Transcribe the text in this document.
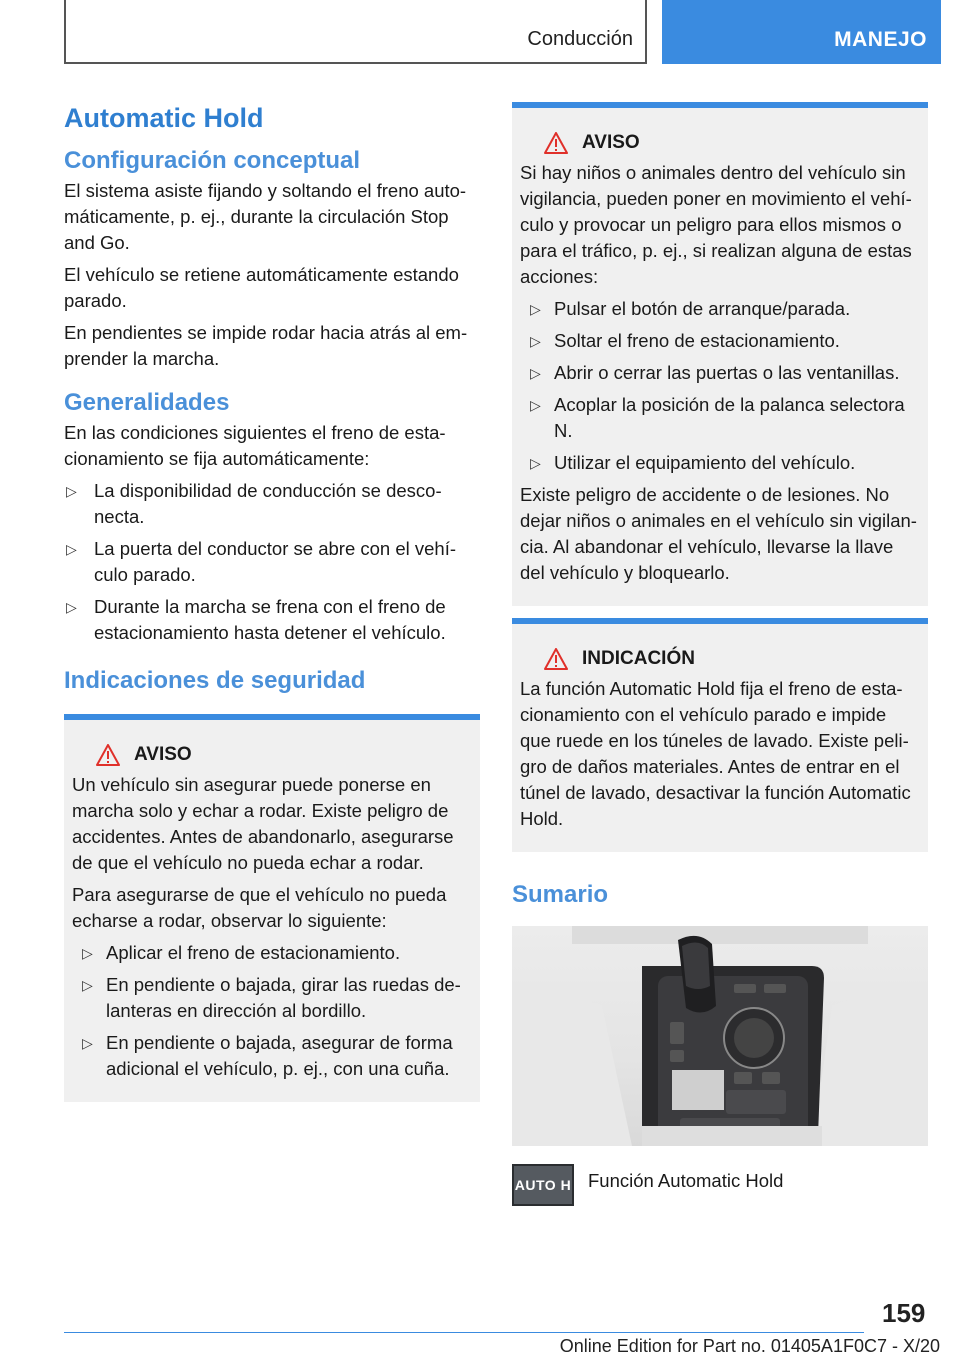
Conducción	MANEJO
Automatic Hold
Configuración conceptual

El sistema asiste fijando y soltando el freno auto‐máticamente, p. ej., durante la circulación Stop and Go.

El vehículo se retiene automáticamente estando parado.

En pendientes se impide rodar hacia atrás al em‐prender la marcha.

Generalidades

En las condiciones siguientes el freno de esta‐cionamiento se fija automáticamente:

▷ La disponibilidad de conducción se desco‐necta.
▷ La puerta del conductor se abre con el vehí‐culo parado.
▷ Durante la marcha se frena con el freno de estacionamiento hasta detener el vehículo.
Indicaciones de seguridad
AVISO

Un vehículo sin asegurar puede ponerse en marcha solo y echar a rodar. Existe peligro de accidentes. Antes de abandonarlo, asegurarse de que el vehículo no pueda echar a rodar.

Para asegurarse de que el vehículo no pueda echarse a rodar, observar lo siguiente:

▷ Aplicar el freno de estacionamiento.
▷ En pendiente o bajada, girar las ruedas de‐lanteras en dirección al bordillo.
▷ En pendiente o bajada, asegurar de forma adicional el vehículo, p. ej., con una cuña.
AVISO

Si hay niños o animales dentro del vehículo sin vigilancia, pueden poner en movimiento el vehí‐culo y provocar un peligro para ellos mismos o para el tráfico, p. ej., si realizan alguna de estas acciones:

▷ Pulsar el botón de arranque/parada.
▷ Soltar el freno de estacionamiento.
▷ Abrir o cerrar las puertas o las ventanillas.
▷ Acoplar la posición de la palanca selectora N.
▷ Utilizar el equipamiento del vehículo.

Existe peligro de accidente o de lesiones. No dejar niños o animales en el vehículo sin vigilan‐cia. Al abandonar el vehículo, llevarse la llave del vehículo y bloquearlo.

INDICACIÓN

La función Automatic Hold fija el freno de esta‐cionamiento con el vehículo parado e impide que ruede en los túneles de lavado. Existe peli‐gro de daños materiales. Antes de entrar en el túnel de lavado, desactivar la función Automatic Hold.

Sumario
AUTO H Función Automatic Hold
159
Online Edition for Part no. 01405A1F0C7 - X/20
